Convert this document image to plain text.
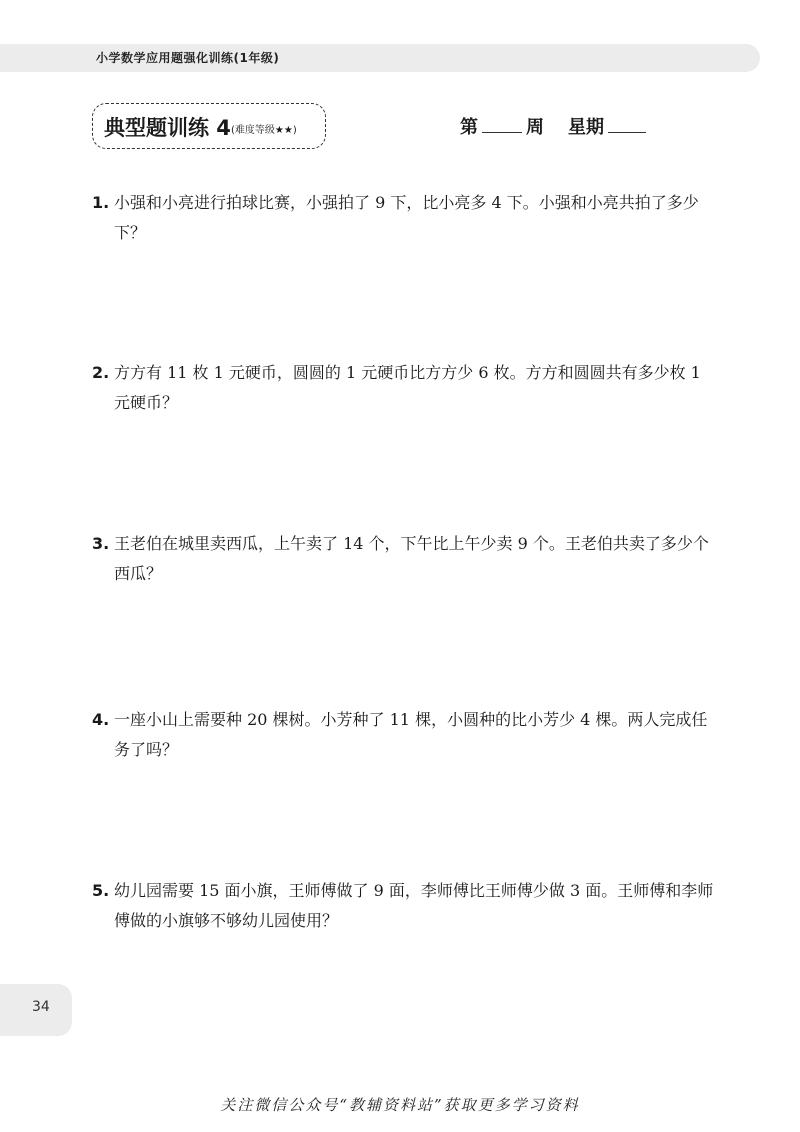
小学数学应用题强化训练(1年级)
典型题训练 4 (难度等级★★)	第	周 星期
1. 小强和小亮进行拍球比赛，小强拍了 9 下，比小亮多 4 下。小强和小亮共拍了多少下？
2. 方方有 11 枚 1 元硬币，圆圆的 1 元硬币比方方少 6 枚。方方和圆圆共有多少枚 1 元硬币？
3. 王老伯在城里卖西瓜，上午卖了 14 个，下午比上午少卖 9 个。王老伯共卖了多少个西瓜？
4. 一座小山上需要种 20 棵树。小芳种了 11 棵，小圆种的比小芳少 4 棵。两人完成任务了吗？
5. 幼儿园需要 15 面小旗，王师傅做了 9 面，李师傅比王师傅少做 3 面。王师傅和李师傅做的小旗够不够幼儿园使用？
34
关注微信公众号“教辅资料站”获取更多学习资料
